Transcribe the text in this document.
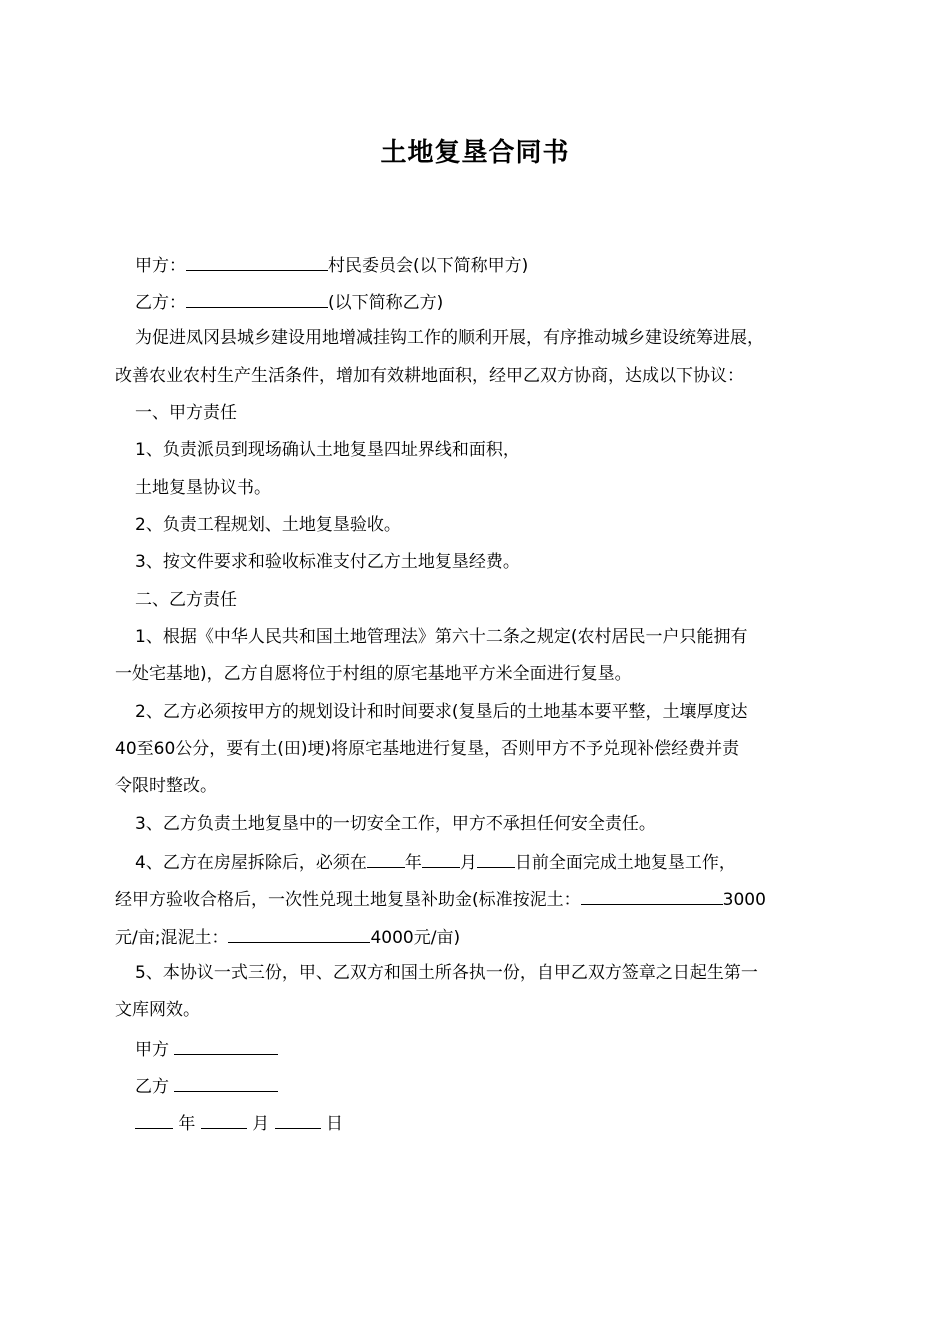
土地复垦合同书
甲方：	村民委员会(以下简称甲方)
乙方：	(以下简称乙方)
为促进凤冈县城乡建设用地增减挂钩工作的顺利开展，有序推动城乡建设统筹进展，
改善农业农村生产生活条件，增加有效耕地面积，经甲乙双方协商，达成以下协议：
一、甲方责任
1、负责派员到现场确认土地复垦四址界线和面积，
土地复垦协议书。
2、负责工程规划、土地复垦验收。
3、按文件要求和验收标准支付乙方土地复垦经费。
二、乙方责任
1、根据《中华人民共和国土地管理法》第六十二条之规定(农村居民一户只能拥有
一处宅基地)，乙方自愿将位于村组的原宅基地平方米全面进行复垦。
2、乙方必须按甲方的规划设计和时间要求(复垦后的土地基本要平整，土壤厚度达
40至60公分，要有土(田)埂)将原宅基地进行复垦，否则甲方不予兑现补偿经费并责
令限时整改。
3、乙方负责土地复垦中的一切安全工作，甲方不承担任何安全责任。
4、乙方在房屋拆除后，必须在 年 月 日前全面完成土地复垦工作，
经甲方验收合格后，一次性兑现土地复垦补助金(标准按泥土：	3000
元/亩;混泥土：	4000元/亩)
5、本协议一式三份，甲、乙双方和国土所各执一份，自甲乙双方签章之日起生第一
文库网效。
甲方
乙方
年	月	日
